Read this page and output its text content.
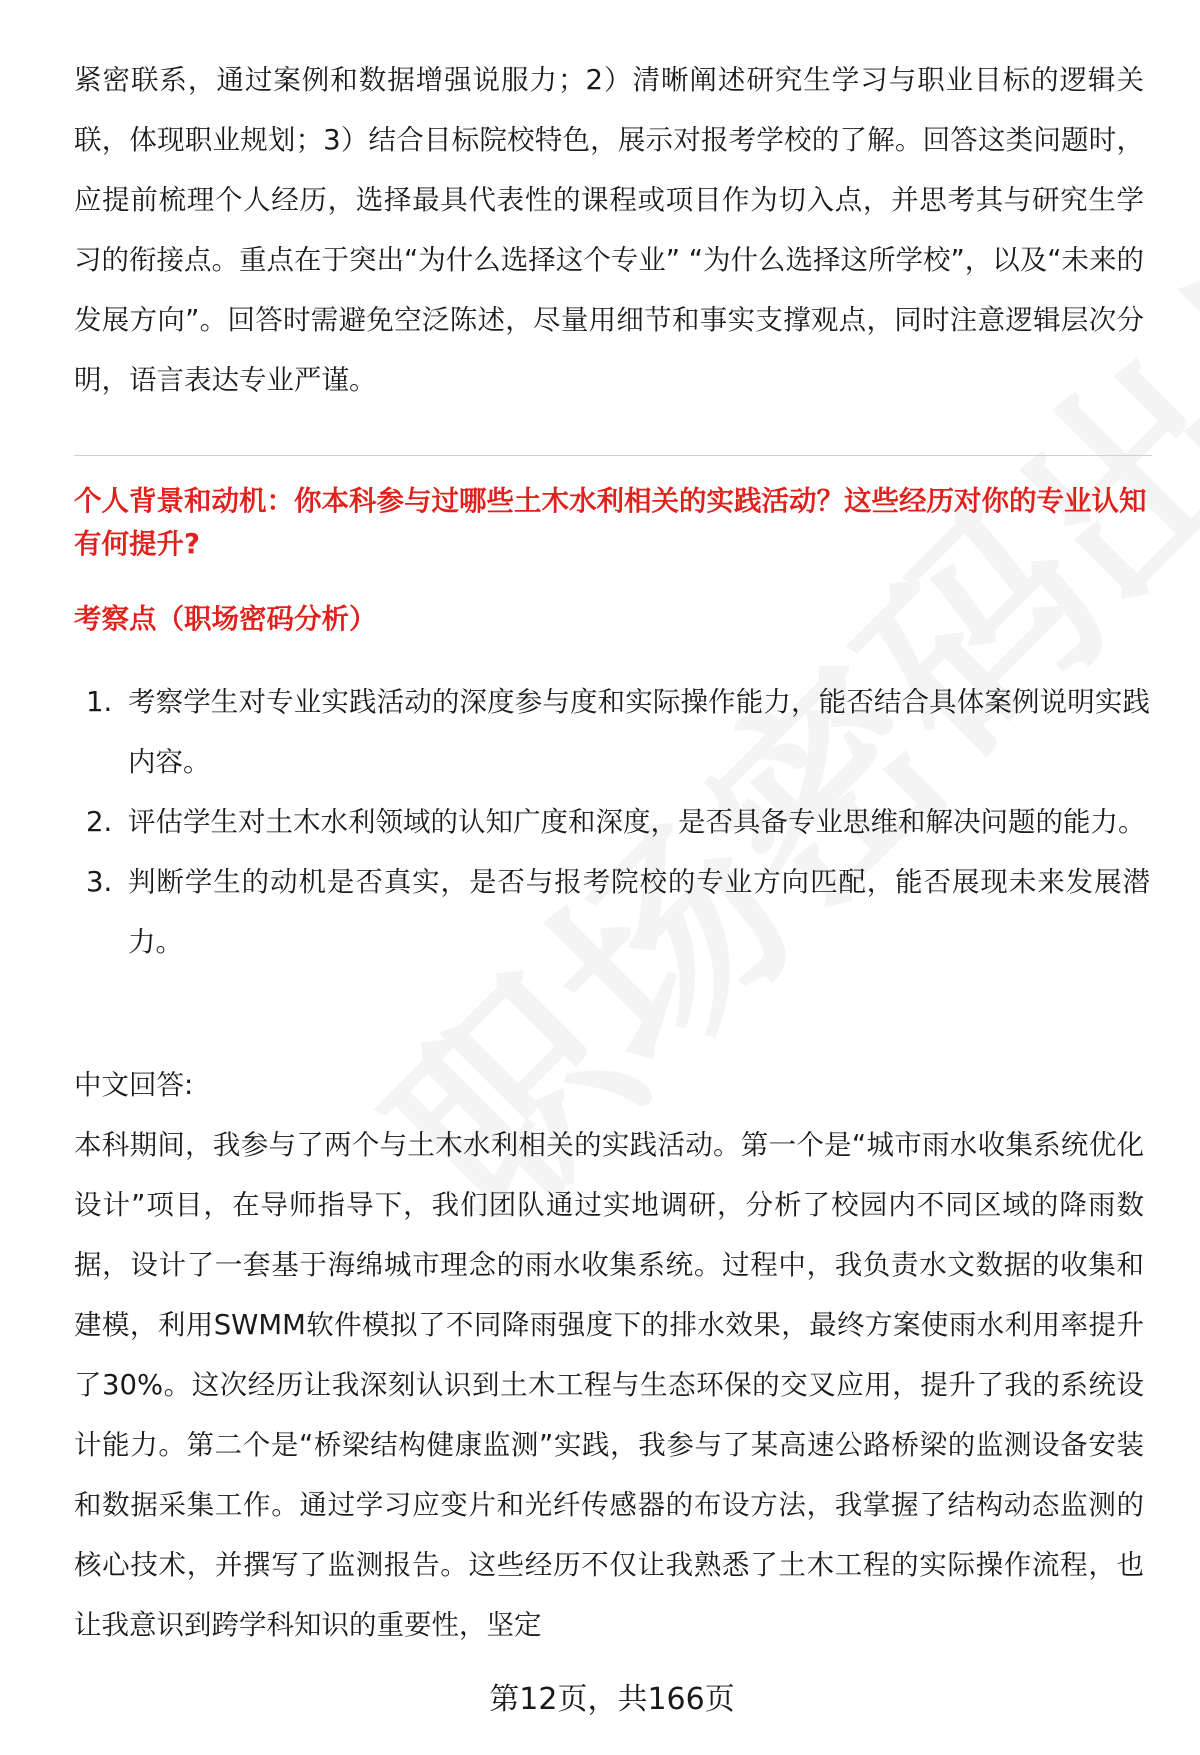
紧密联系，通过案例和数据增强说服力；2）清晰阐述研究生学习与职业目标的逻辑关联，体现职业规划；3）结合目标院校特色，展示对报考学校的了解。回答这类问题时，应提前梳理个人经历，选择最具代表性的课程或项目作为切入点，并思考其与研究生学习的衔接点。重点在于突出“为什么选择这个专业” “为什么选择这所学校”，以及“未来的发展方向”。回答时需避免空泛陈述，尽量用细节和事实支撑观点，同时注意逻辑层次分明，语言表达专业严谨。

个人背景和动机：你本科参与过哪些土木水利相关的实践活动？这些经历对你的专业认知有何提升?

考察点（职场密码分析）

1. 考察学生对专业实践活动的深度参与度和实际操作能力，能否结合具体案例说明实践内容。
2. 评估学生对土木水利领域的认知广度和深度，是否具备专业思维和解决问题的能力。
3. 判断学生的动机是否真实，是否与报考院校的专业方向匹配，能否展现未来发展潜力。

中文回答:

本科期间，我参与了两个与土木水利相关的实践活动。第一个是“城市雨水收集系统优化设计”项目，在导师指导下，我们团队通过实地调研，分析了校园内不同区域的降雨数据，设计了一套基于海绵城市理念的雨水收集系统。过程中，我负责水文数据的收集和建模，利用SWMM软件模拟了不同降雨强度下的排水效果，最终方案使雨水利用率提升了30%。这次经历让我深刻认识到土木工程与生态环保的交叉应用，提升了我的系统设计能力。第二个是“桥梁结构健康监测”实践，我参与了某高速公路桥梁的监测设备安装和数据采集工作。通过学习应变片和光纤传感器的布设方法，我掌握了结构动态监测的核心技术，并撰写了监测报告。这些经历不仅让我熟悉了土木工程的实际操作流程，也让我意识到跨学科知识的重要性，坚定

第12页，共166页
